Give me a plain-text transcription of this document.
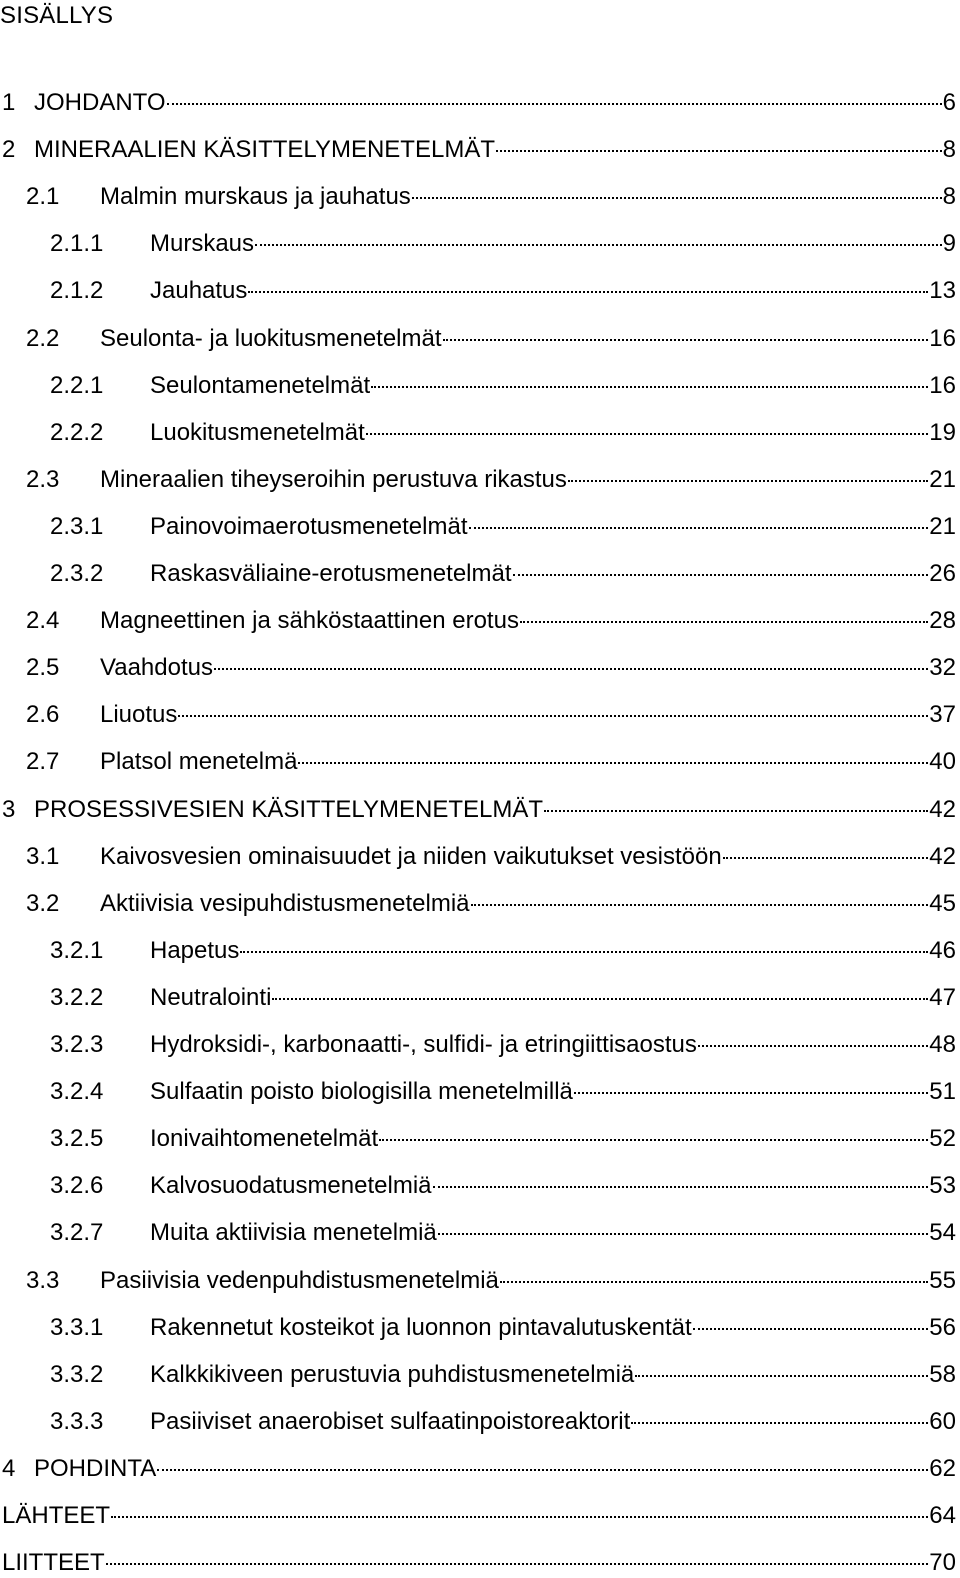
SISÄLLYS
1 JOHDANTO	6
2 MINERAALIEN KÄSITTELYMENETELMÄT	8
2.1	Malmin murskaus ja jauhatus	8
2.1.1	Murskaus	9
2.1.2	Jauhatus	13
2.2	Seulonta- ja luokitusmenetelmät	16
2.2.1	Seulontamenetelmät	16
2.2.2	Luokitusmenetelmät	19
2.3	Mineraalien tiheyseroihin perustuva rikastus	21
2.3.1	Painovoimaerotusmenetelmät	21
2.3.2	Raskasväliaine-erotusmenetelmät	26
2.4	Magneettinen ja sähköstaattinen erotus	28
2.5	Vaahdotus	32
2.6	Liuotus	37
2.7	Platsol menetelmä	40
3 PROSESSIVESIEN KÄSITTELYMENETELMÄT	42
3.1	Kaivosvesien ominaisuudet ja niiden vaikutukset vesistöön	42
3.2	Aktiivisia vesipuhdistusmenetelmiä	45
3.2.1	Hapetus	46
3.2.2	Neutralointi	47
3.2.3	Hydroksidi-, karbonaatti-, sulfidi- ja etringiittisaostus	48
3.2.4	Sulfaatin poisto biologisilla menetelmillä	51
3.2.5	Ionivaihtomenetelmät	52
3.2.6	Kalvosuodatusmenetelmiä	53
3.2.7	Muita aktiivisia menetelmiä	54
3.3	Pasiivisia vedenpuhdistusmenetelmiä	55
3.3.1	Rakennetut kosteikot ja luonnon pintavalutuskentät	56
3.3.2	Kalkkikiveen perustuvia puhdistusmenetelmiä	58
3.3.3	Pasiiviset anaerobiset sulfaatinpoistoreaktorit	60
4 POHDINTA	62
LÄHTEET	64
LIITTEET	70
